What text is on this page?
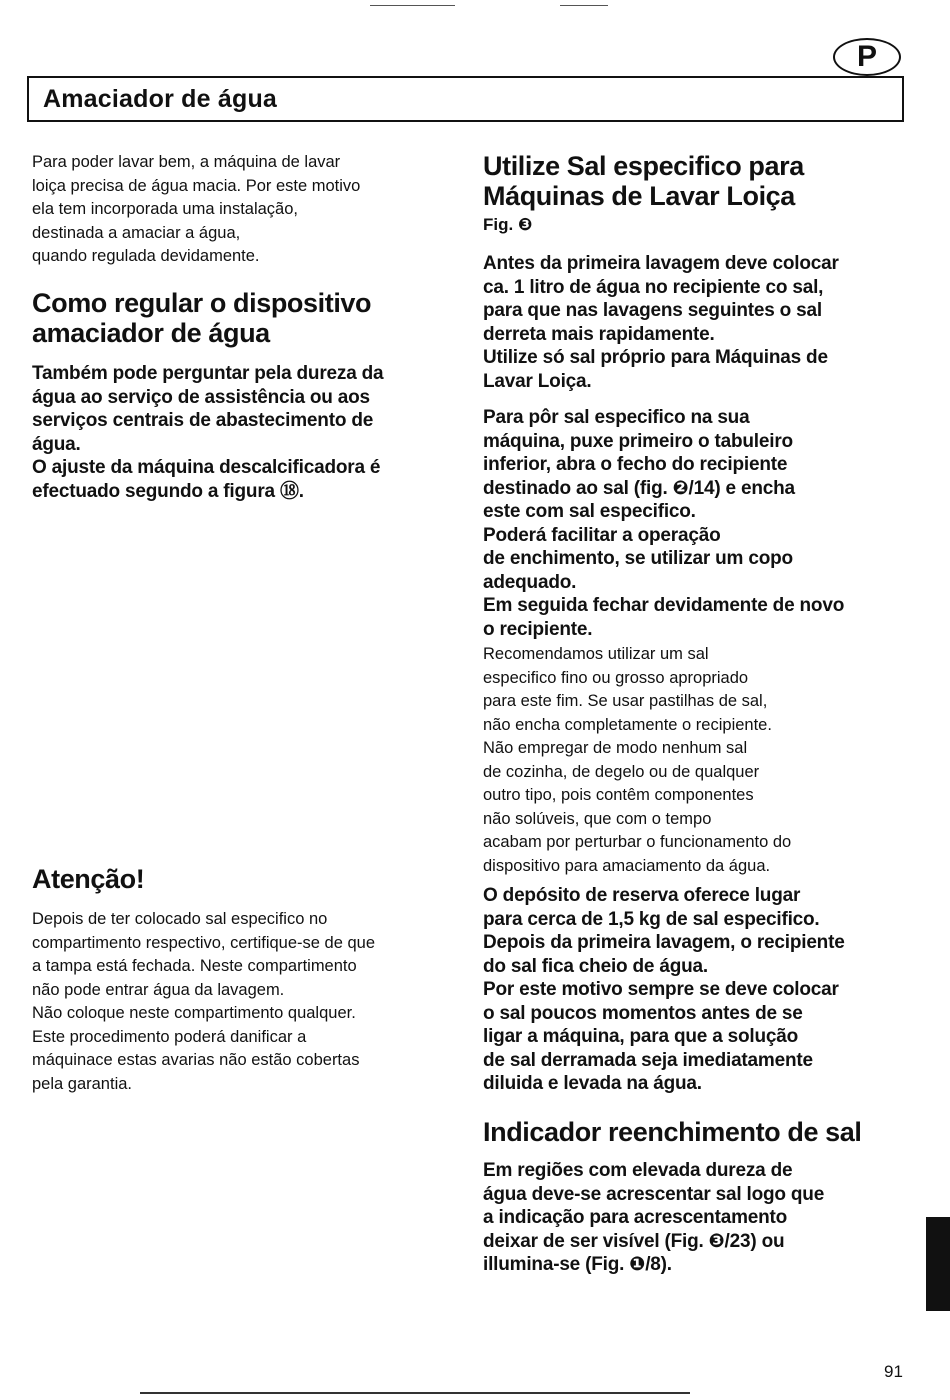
P
Amaciador de água
Para poder lavar bem, a máquina de lavar
loiça precisa de água macia. Por este motivo
ela tem incorporada uma instalação,
destinada a amaciar a água,
quando regulada devidamente.
Como regular o dispositivo
amaciador de água
Também pode perguntar pela dureza da
água ao serviço de assistência ou aos
serviços centrais de abastecimento de
água.
O ajuste da máquina descalcificadora é
efectuado segundo a figura ⑱.
Atenção!
Depois de ter colocado sal especifico no
compartimento respectivo, certifique-se de que
a tampa está fechada. Neste compartimento
não pode entrar água da lavagem.
Não coloque neste compartimento qualquer.
Este procedimento poderá danificar a
máquinace estas avarias não estão cobertas
pela garantia.
Utilize Sal especifico para
Máquinas de Lavar Loiça
Fig. ❸
Antes da primeira lavagem deve colocar
ca. 1 litro de água no recipiente co sal,
para que nas lavagens seguintes o sal
derreta mais rapidamente.
Utilize só sal próprio para Máquinas de
Lavar Loiça.
Para pôr sal especifico na sua
máquina, puxe primeiro o tabuleiro
inferior, abra o fecho do recipiente
destinado ao sal (fig. ❷/14) e encha
este com sal especifico.
Poderá facilitar a operação
de enchimento, se utilizar um copo
adequado.
Em seguida fechar devidamente de novo
o recipiente.
Recomendamos utilizar um sal
especifico fino ou grosso apropriado
para este fim. Se usar pastilhas de sal,
não encha completamente o recipiente.
Não empregar de modo nenhum sal
de cozinha, de degelo ou de qualquer
outro tipo, pois contêm componentes
não solúveis, que com o tempo
acabam por perturbar o funcionamento do
dispositivo para amaciamento da água.
O depósito de reserva oferece lugar
para cerca de 1,5 kg de sal especifico.
Depois da primeira lavagem, o recipiente
do sal fica cheio de água.
Por este motivo sempre se deve colocar
o sal poucos momentos antes de se
ligar a máquina, para que a solução
de sal derramada seja imediatamente
diluida e levada na água.
Indicador reenchimento de sal
Em regiões com elevada dureza de
água deve-se acrescentar sal logo que
a indicação para acrescentamento
deixar de ser visível (Fig. ❸/23) ou
illumina-se (Fig. ❶/8).
91
